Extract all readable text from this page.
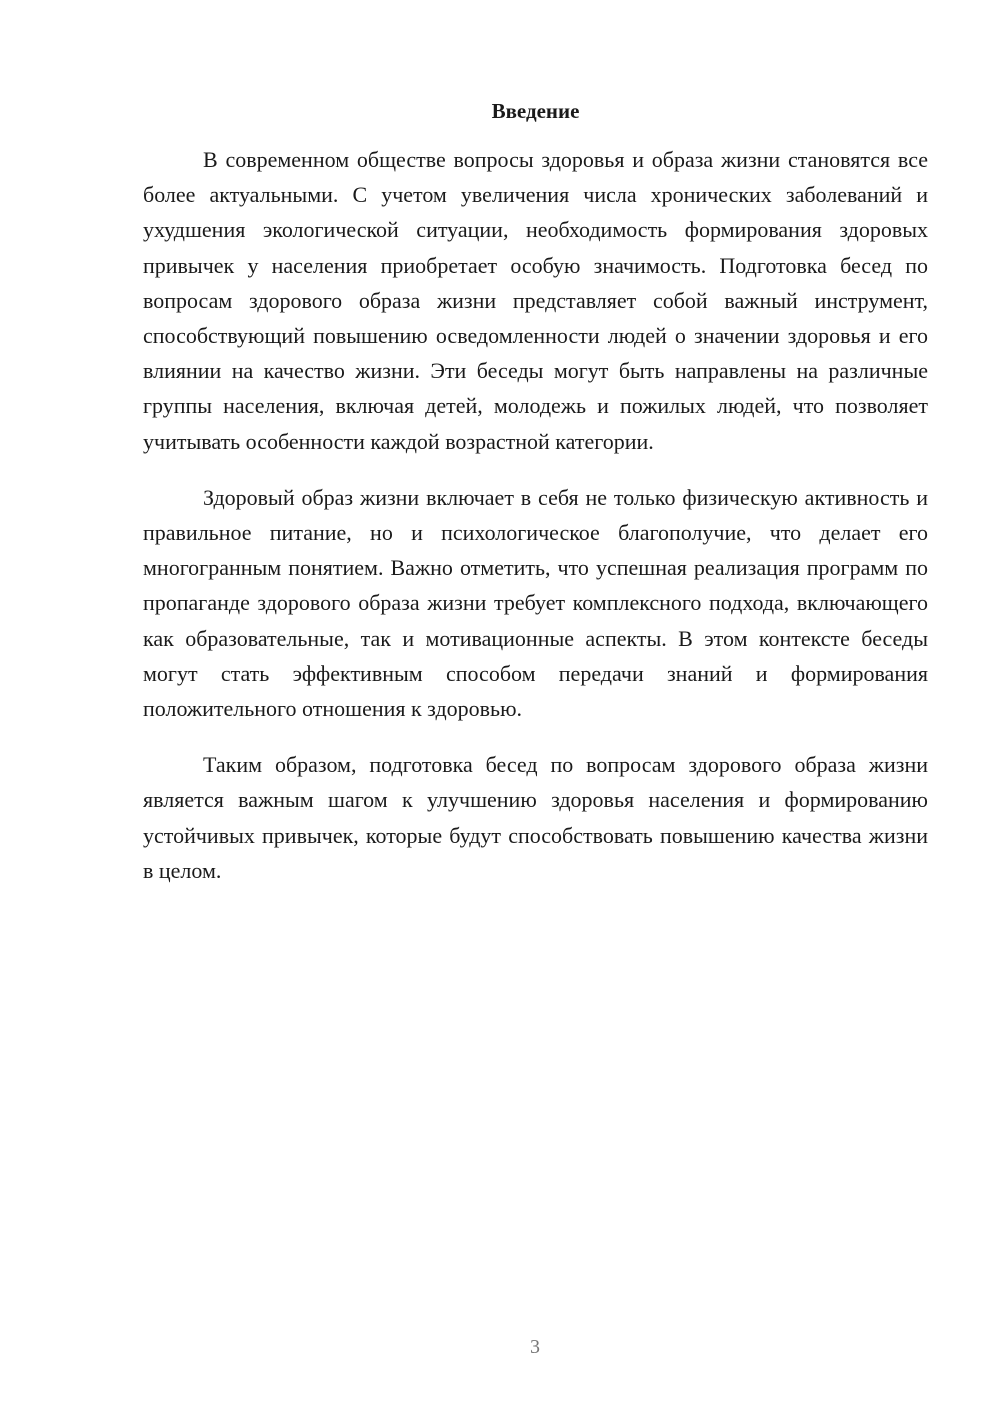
Введение

В современном обществе вопросы здоровья и образа жизни становятся все более актуальными. С учетом увеличения числа хронических заболеваний и ухудшения экологической ситуации, необходимость формирования здоровых привычек у населения приобретает особую значимость. Подготовка бесед по вопросам здорового образа жизни представляет собой важный инструмент, способствующий повышению осведомленности людей о значении здоровья и его влиянии на качество жизни. Эти беседы могут быть направлены на различные группы населения, включая детей, молодежь и пожилых людей, что позволяет учитывать особенности каждой возрастной категории.

Здоровый образ жизни включает в себя не только физическую активность и правильное питание, но и психологическое благополучие, что делает его многогранным понятием. Важно отметить, что успешная реализация программ по пропаганде здорового образа жизни требует комплексного подхода, включающего как образовательные, так и мотивационные аспекты. В этом контексте беседы могут стать эффективным способом передачи знаний и формирования положительного отношения к здоровью.

Таким образом, подготовка бесед по вопросам здорового образа жизни является важным шагом к улучшению здоровья населения и формированию устойчивых привычек, которые будут способствовать повышению качества жизни в целом.

3
